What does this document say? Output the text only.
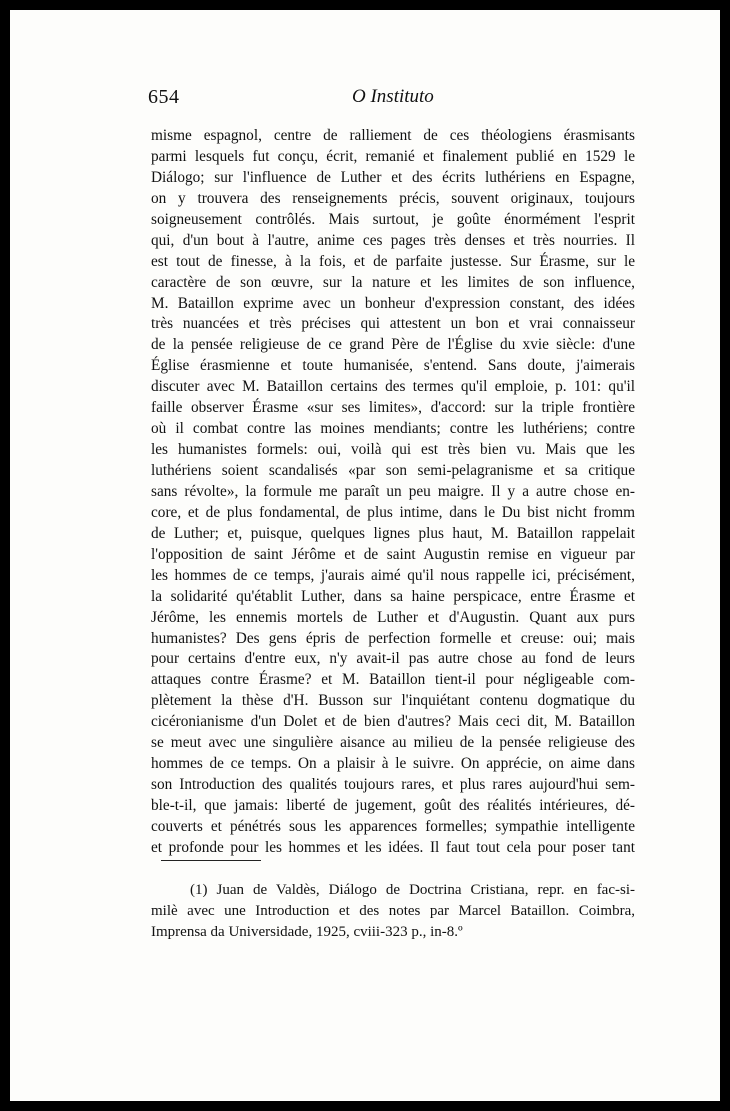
654	O Instituto
misme espagnol, centre de ralliement de ces théologiens érasmisants
parmi lesquels fut conçu, écrit, remanié et finalement publié en 1529 le
Diálogo; sur l'influence de Luther et des écrits luthériens en Espagne,
on y trouvera des renseignements précis, souvent originaux, toujours
soigneusement contrôlés. Mais surtout, je goûte énormément l'esprit
qui, d'un bout à l'autre, anime ces pages très denses et très nourries. Il
est tout de finesse, à la fois, et de parfaite justesse. Sur Érasme, sur le
caractère de son œuvre, sur la nature et les limites de son influence,
M. Bataillon exprime avec un bonheur d'expression constant, des idées
très nuancées et très précises qui attestent un bon et vrai connaisseur
de la pensée religieuse de ce grand Père de l'Église du xvie siècle: d'une
Église érasmienne et toute humanisée, s'entend. Sans doute, j'aimerais
discuter avec M. Bataillon certains des termes qu'il emploie, p. 101: qu'il
faille observer Érasme «sur ses limites», d'accord: sur la triple frontière
où il combat contre las moines mendiants; contre les luthériens; contre
les humanistes formels: oui, voilà qui est très bien vu. Mais que les
luthériens soient scandalisés «par son semi-pelagranisme et sa critique
sans révolte», la formule me paraît un peu maigre. Il y a autre chose en-
core, et de plus fondamental, de plus intime, dans le Du bist nicht fromm
de Luther; et, puisque, quelques lignes plus haut, M. Bataillon rappelait
l'opposition de saint Jérôme et de saint Augustin remise en vigueur par
les hommes de ce temps, j'aurais aimé qu'il nous rappelle ici, précisément,
la solidarité qu'établit Luther, dans sa haine perspicace, entre Érasme et
Jérôme, les ennemis mortels de Luther et d'Augustin. Quant aux purs
humanistes? Des gens épris de perfection formelle et creuse: oui; mais
pour certains d'entre eux, n'y avait-il pas autre chose au fond de leurs
attaques contre Érasme? et M. Bataillon tient-il pour négligeable com-
plètement la thèse d'H. Busson sur l'inquiétant contenu dogmatique du
cicéronianisme d'un Dolet et de bien d'autres? Mais ceci dit, M. Bataillon
se meut avec une singulière aisance au milieu de la pensée religieuse des
hommes de ce temps. On a plaisir à le suivre. On apprécie, on aime dans
son Introduction des qualités toujours rares, et plus rares aujourd'hui sem-
ble-t-il, que jamais: liberté de jugement, goût des réalités intérieures, dé-
couverts et pénétrés sous les apparences formelles; sympathie intelligente
et profonde pour les hommes et les idées. Il faut tout cela pour poser tant
(1) Juan de Valdès, Diálogo de Doctrina Cristiana, repr. en fac-si-
milè avec une Introduction et des notes par Marcel Bataillon. Coimbra,
Imprensa da Universidade, 1925, cviii-323 p., in-8.º
